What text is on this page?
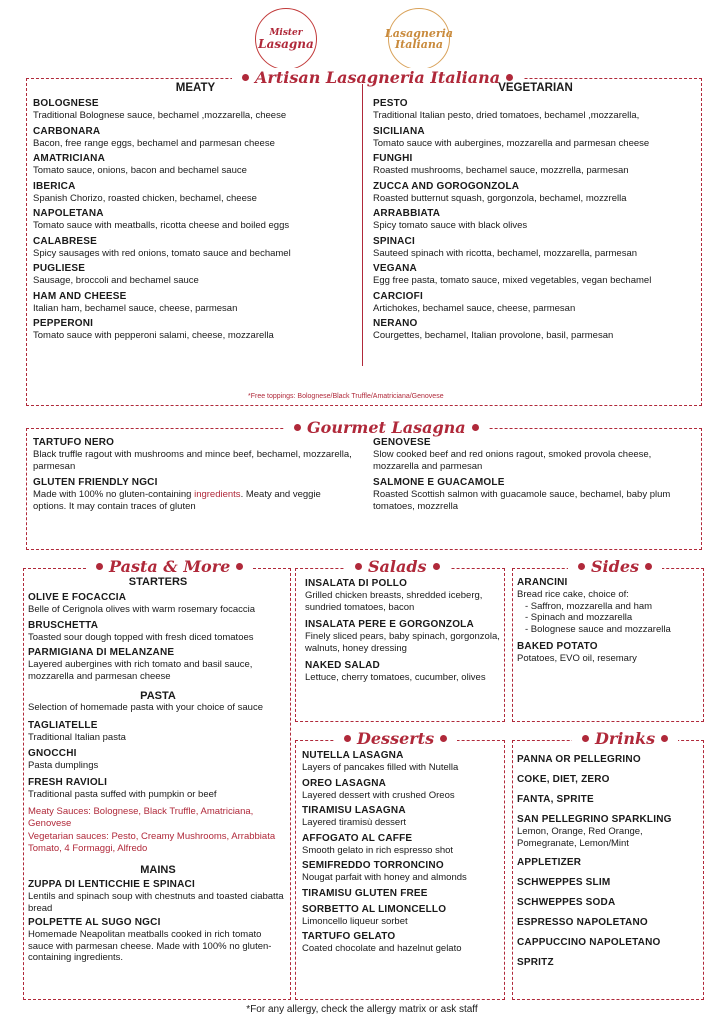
Mister
Lasagna
Lasagneria
Italiana
Artisan Lasagneria Italiana
MEATY
BOLOGNESE
Traditional Bolognese sauce, bechamel ,mozzarella, cheese
CARBONARA
Bacon, free range eggs, bechamel and parmesan cheese
AMATRICIANA
Tomato sauce, onions, bacon and bechamel sauce
IBERICA
Spanish Chorizo, roasted chicken, bechamel, cheese
NAPOLETANA
Tomato sauce with meatballs, ricotta cheese and boiled eggs
CALABRESE
Spicy sausages with red onions, tomato sauce and bechamel
PUGLIESE
Sausage, broccoli and bechamel sauce
HAM AND CHEESE
Italian ham, bechamel sauce, cheese, parmesan
PEPPERONI
Tomato sauce with pepperoni salami, cheese, mozzarella
VEGETARIAN
PESTO
Traditional Italian pesto, dried tomatoes, bechamel ,mozzarella,
SICILIANA
Tomato sauce with aubergines, mozzarella and parmesan cheese
FUNGHI
Roasted mushrooms, bechamel sauce, mozzrella, parmesan
ZUCCA AND GOROGONZOLA
Roasted butternut squash, gorgonzola, bechamel, mozzrella
ARRABBIATA
Spicy tomato sauce with black olives
SPINACI
Sauteed spinach with ricotta, bechamel, mozzarella, parmesan
VEGANA
Egg free pasta, tomato sauce, mixed vegetables, vegan bechamel
CARCIOFI
Artichokes, bechamel sauce, cheese, parmesan
NERANO
Courgettes, bechamel, Italian provolone, basil, parmesan
*Free toppings: Bolognese/Black Truffle/Amatriciana/Genovese
Gourmet Lasagna
TARTUFO NERO
Black truffle ragout with mushrooms and mince beef, bechamel, mozzarella, parmesan
GLUTEN FRIENDLY NGCI
Made with 100% no gluten-containing ingredients. Meaty and veggie options. It may contain traces of gluten
GENOVESE
Slow cooked beef and red onions ragout, smoked provola cheese, mozzarella and parmesan
SALMONE E GUACAMOLE
Roasted Scottish salmon with guacamole sauce, bechamel, baby plum tomatoes, mozzrella
Pasta & More
STARTERS
OLIVE E FOCACCIA
Belle of Cerignola olives with warm rosemary focaccia
BRUSCHETTA
Toasted sour dough topped with fresh diced tomatoes
PARMIGIANA DI MELANZANE
Layered aubergines with rich tomato and basil sauce, mozzarella and parmesan cheese
PASTA
Selection of homemade pasta with your choice of sauce
TAGLIATELLE
Traditional Italian pasta
GNOCCHI
Pasta dumplings
FRESH RAVIOLI
Traditional pasta suffed with pumpkin or beef
Meaty Sauces: Bolognese, Black Truffle, Amatriciana, Genovese
Vegetarian sauces: Pesto, Creamy Mushrooms, Arrabbiata Tomato, 4 Formaggi, Alfredo
MAINS
ZUPPA DI LENTICCHIE E SPINACI
Lentils and spinach soup with chestnuts and toasted ciabatta bread
POLPETTE AL SUGO NGCI
Homemade Neapolitan meatballs cooked in rich tomato sauce with parmesan cheese. Made with 100% no gluten-containing ingredients.
Salads
INSALATA DI POLLO
Grilled chicken breasts, shredded iceberg, sundried tomatoes, bacon
INSALATA PERE E GORGONZOLA
Finely sliced pears, baby spinach, gorgonzola, walnuts, honey dressing
NAKED SALAD
Lettuce, cherry tomatoes, cucumber, olives
Sides
ARANCINI
Bread rice cake, choice of:
- Saffron, mozzarella and ham
- Spinach and mozzarella
- Bolognese sauce and mozzarella
BAKED POTATO
Potatoes, EVO oil, resemary
Desserts
NUTELLA LASAGNA
Layers of pancakes filled with Nutella
OREO LASAGNA
Layered dessert with crushed Oreos
TIRAMISU LASAGNA
Layered tiramisù dessert
AFFOGATO AL CAFFE
Smooth gelato in rich espresso shot
SEMIFREDDO TORRONCINO
Nougat parfait with honey and almonds
TIRAMISU GLUTEN FREE
SORBETTO AL LIMONCELLO
Limoncello liqueur sorbet
TARTUFO GELATO
Coated chocolate and hazelnut gelato
Drinks
PANNA OR PELLEGRINO
COKE, DIET, ZERO
FANTA, SPRITE
SAN PELLEGRINO SPARKLING
Lemon, Orange, Red Orange, Pomegranate, Lemon/Mint
APPLETIZER
SCHWEPPES SLIM
SCHWEPPES SODA
ESPRESSO NAPOLETANO
CAPPUCCINO NAPOLETANO
SPRITZ
*For any allergy, check the allergy matrix or ask staff
